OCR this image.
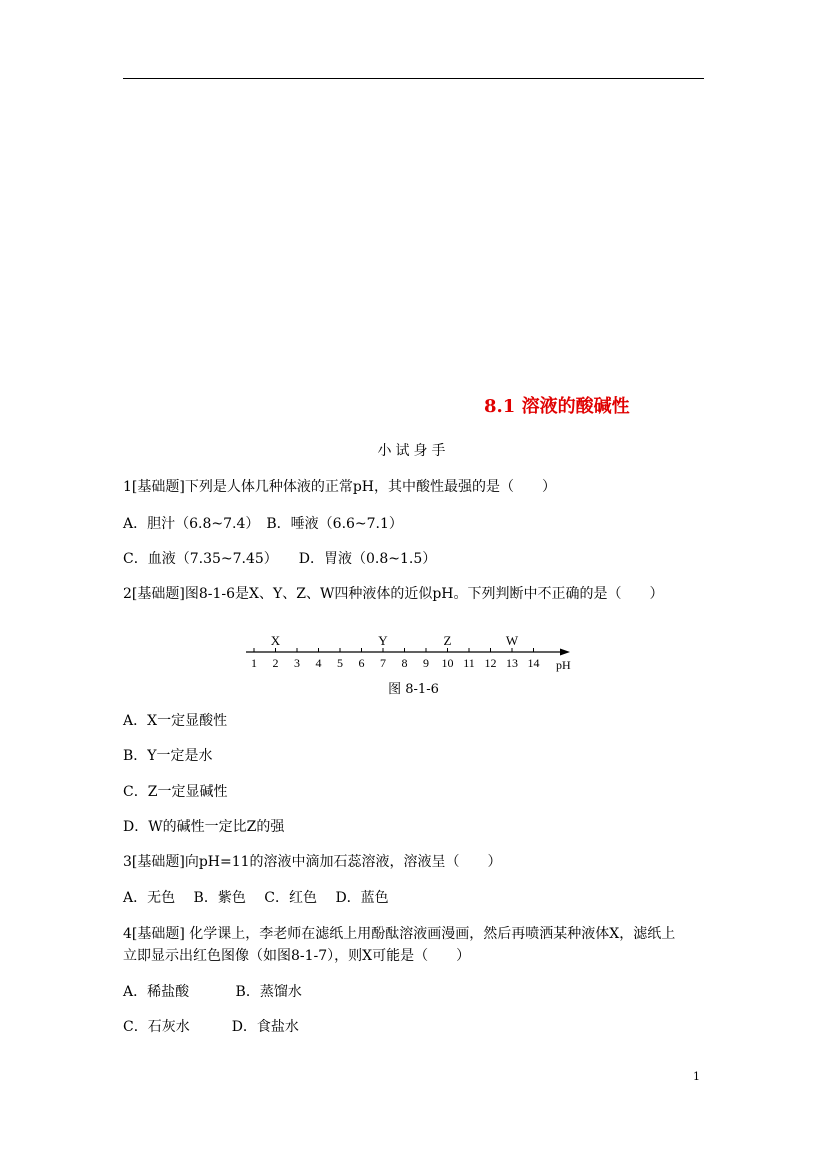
8.1 溶液的酸碱性
小试身手
1[基础题]下列是人体几种体液的正常pH，其中酸性最强的是（　　）
A．胆汁（6.8~7.4）　B．唾液（6.6~7.1）
C．血液（7.35~7.45）　　D．胃液（0.8~1.5）
2[基础题]图8-1-6是X、Y、Z、W四种液体的近似pH。下列判断中不正确的是（　　）
1 2 3 4 5 6 7 8 9 10 11 12 13 14 pH
X	Y	Z	W
图 8-1-6
A．X一定显酸性
B．Y一定是水
C．Z一定显碱性
D．W的碱性一定比Z的强
3[基础题]向pH=11的溶液中滴加石蕊溶液，溶液呈（　　）
A．无色　 B．紫色　 C．红色　 D．蓝色
4[基础题] 化学课上，李老师在滤纸上用酚酞溶液画漫画，然后再喷洒某种液体X，滤纸上
立即显示出红色图像（如图8-1-7），则X可能是（　　）
A．稀盐酸　　　 B．蒸馏水
C．石灰水　　　D．食盐水
1
